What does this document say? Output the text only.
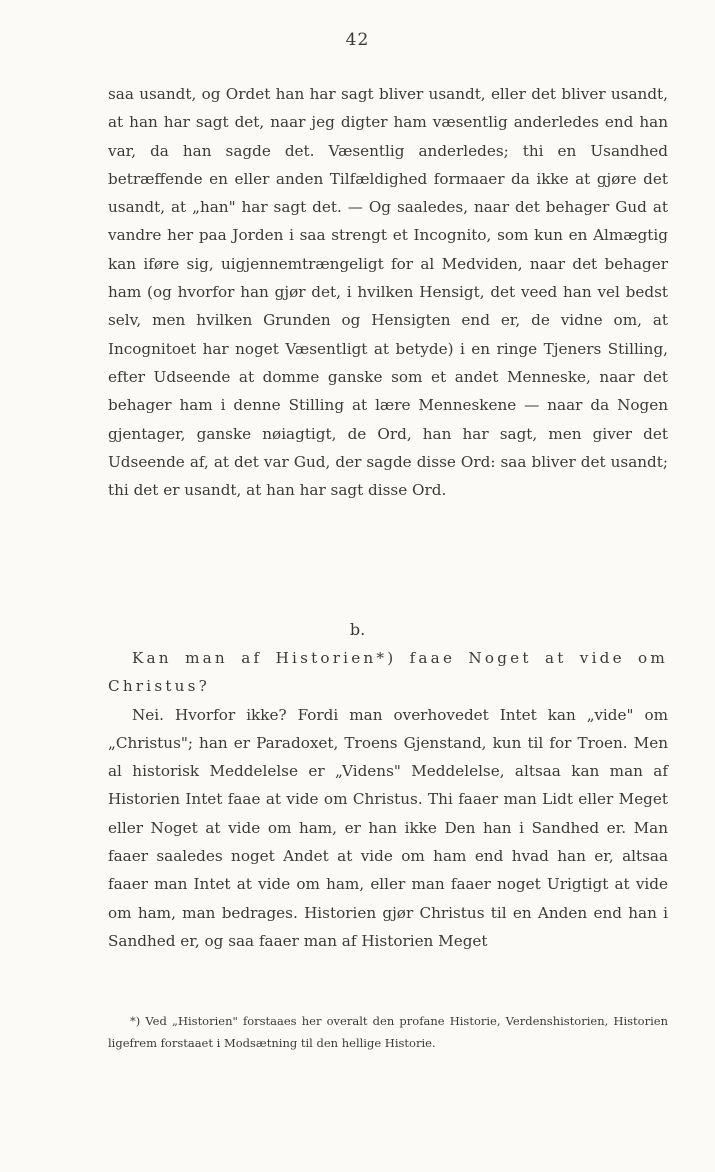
42

saa usandt, og Ordet han har sagt bliver usandt, eller det bliver usandt, at han har sagt det, naar jeg digter ham væsentlig anderledes end han var, da han sagde det. Væsentlig anderledes; thi en Usandhed betræffende en eller anden Tilfældighed formaaer da ikke at gjøre det usandt, at „han" har sagt det. — Og saaledes, naar det behager Gud at vandre her paa Jorden i saa strengt et Incognito, som kun en Almægtig kan iføre sig, uigjennemtrængeligt for al Medviden, naar det behager ham (og hvorfor han gjør det, i hvilken Hensigt, det veed han vel bedst selv, men hvilken Grunden og Hensigten end er, de vidne om, at Incognitoet har noget Væsentligt at betyde) i en ringe Tjeners Stilling, efter Udseende at domme ganske som et andet Menneske, naar det behager ham i denne Stilling at lære Menneskene — naar da Nogen gjentager, ganske nøiagtigt, de Ord, han har sagt, men giver det Udseende af, at det var Gud, der sagde disse Ord: saa bliver det usandt; thi det er usandt, at han har sagt disse Ord.

b.

Kan man af Historien*) faae Noget at vide om Christus?

Nei. Hvorfor ikke? Fordi man overhovedet Intet kan „vide" om „Christus"; han er Paradoxet, Troens Gjenstand, kun til for Troen. Men al historisk Meddelelse er „Videns" Meddelelse, altsaa kan man af Historien Intet faae at vide om Christus. Thi faaer man Lidt eller Meget eller Noget at vide om ham, er han ikke Den han i Sandhed er. Man faaer saaledes noget Andet at vide om ham end hvad han er, altsaa faaer man Intet at vide om ham, eller man faaer noget Urigtigt at vide om ham, man bedrages. Historien gjør Christus til en Anden end han i Sandhed er, og saa faaer man af Historien Meget

*) Ved „Historien" forstaaes her overalt den profane Historie, Verdenshistorien, Historien ligefrem forstaaet i Modsætning til den hellige Historie.
